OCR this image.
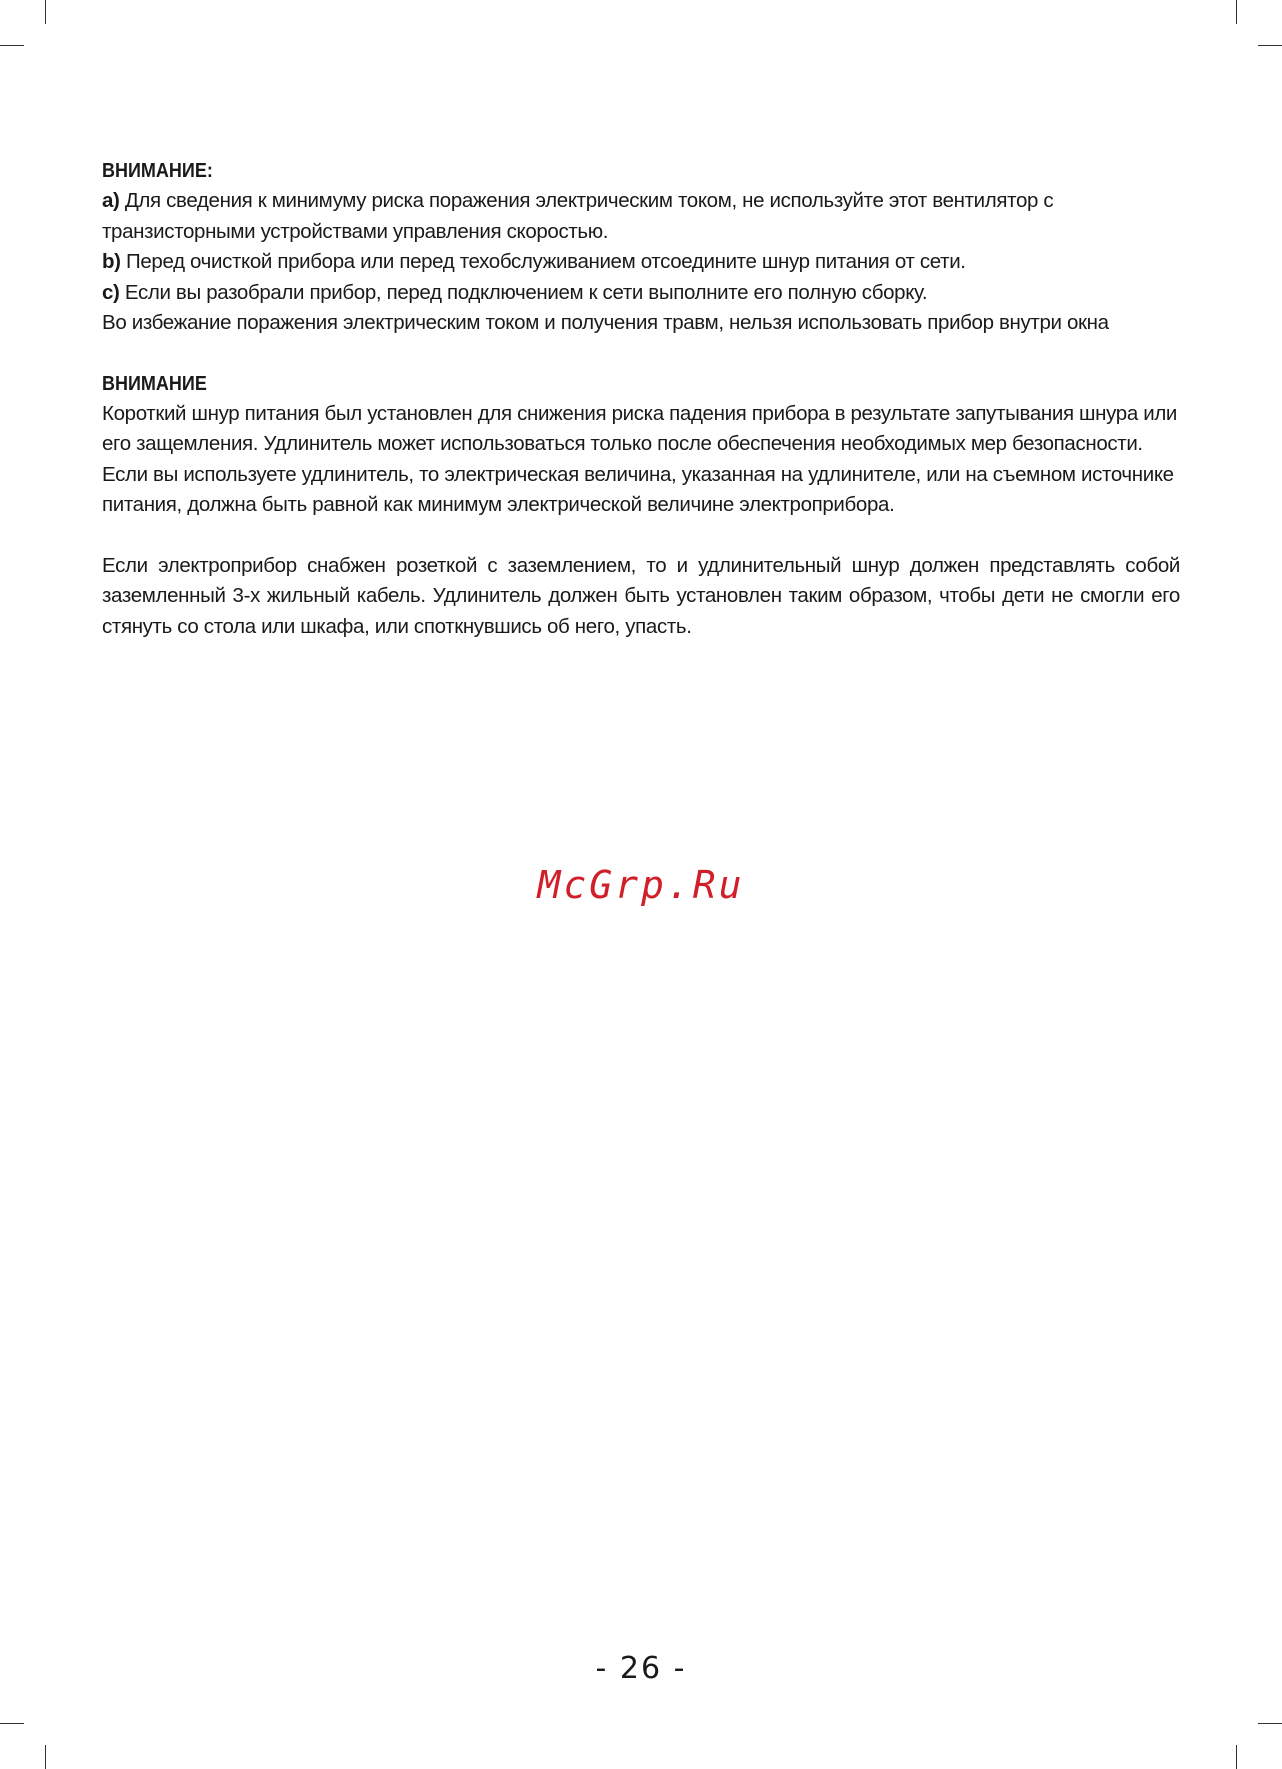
ВНИМАНИЕ:

a) Для сведения к минимуму риска поражения электрическим током, не используйте этот вентилятор с транзисторными устройствами управления скоростью.

b) Перед очисткой прибора или перед техобслуживанием отсоедините шнур питания от сети.

c) Если вы разобрали прибор, перед подключением к сети выполните его полную сборку.

Во избежание поражения электрическим током и получения травм, нельзя использовать прибор внутри окна

ВНИМАНИЕ

Короткий шнур питания был установлен для снижения риска падения прибора в результате запутывания шнура или его защемления. Удлинитель может использоваться только после обеспечения необходимых мер безопасности. Если вы используете удлинитель, то электрическая величина, указанная на удлинителе, или на съемном источнике питания, должна быть равной как минимум электрической величине электроприбора.

Если электроприбор снабжен розеткой с заземлением, то и удлинительный шнур должен представлять собой заземленный 3-х жильный кабель. Удлинитель должен быть установлен таким образом, чтобы дети не смогли его стянуть со стола или шкафа, или споткнувшись об него, упасть.

McGrp.Ru
- 26 -
